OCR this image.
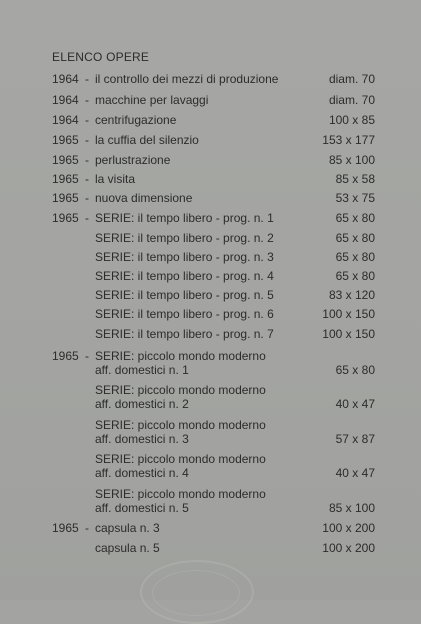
ELENCO OPERE
1964 - il controllo dei mezzi di produzione	diam. 70
1964 - macchine per lavaggi	diam. 70
1964 - centrifugazione	100 x 85
1965 - la cuffia del silenzio	153 x 177
1965 - perlustrazione	85 x 100
1965 - la visita	85 x 58
1965 - nuova dimensione	53 x 75
1965 - SERIE: il tempo libero - prog. n. 1	65 x 80
SERIE: il tempo libero - prog. n. 2	65 x 80
SERIE: il tempo libero - prog. n. 3	65 x 80
SERIE: il tempo libero - prog. n. 4	65 x 80
SERIE: il tempo libero - prog. n. 5	83 x 120
SERIE: il tempo libero - prog. n. 6	100 x 150
SERIE: il tempo libero - prog. n. 7	100 x 150
1965 - SERIE: piccolo mondo moderno
aff. domestici n. 1	65 x 80
SERIE: piccolo mondo moderno
aff. domestici n. 2	40 x 47
SERIE: piccolo mondo moderno
aff. domestici n. 3	57 x 87
SERIE: piccolo mondo moderno
aff. domestici n. 4	40 x 47
SERIE: piccolo mondo moderno
aff. domestici n. 5	85 x 100
1965 - capsula n. 3	100 x 200
capsula n. 5	100 x 200
